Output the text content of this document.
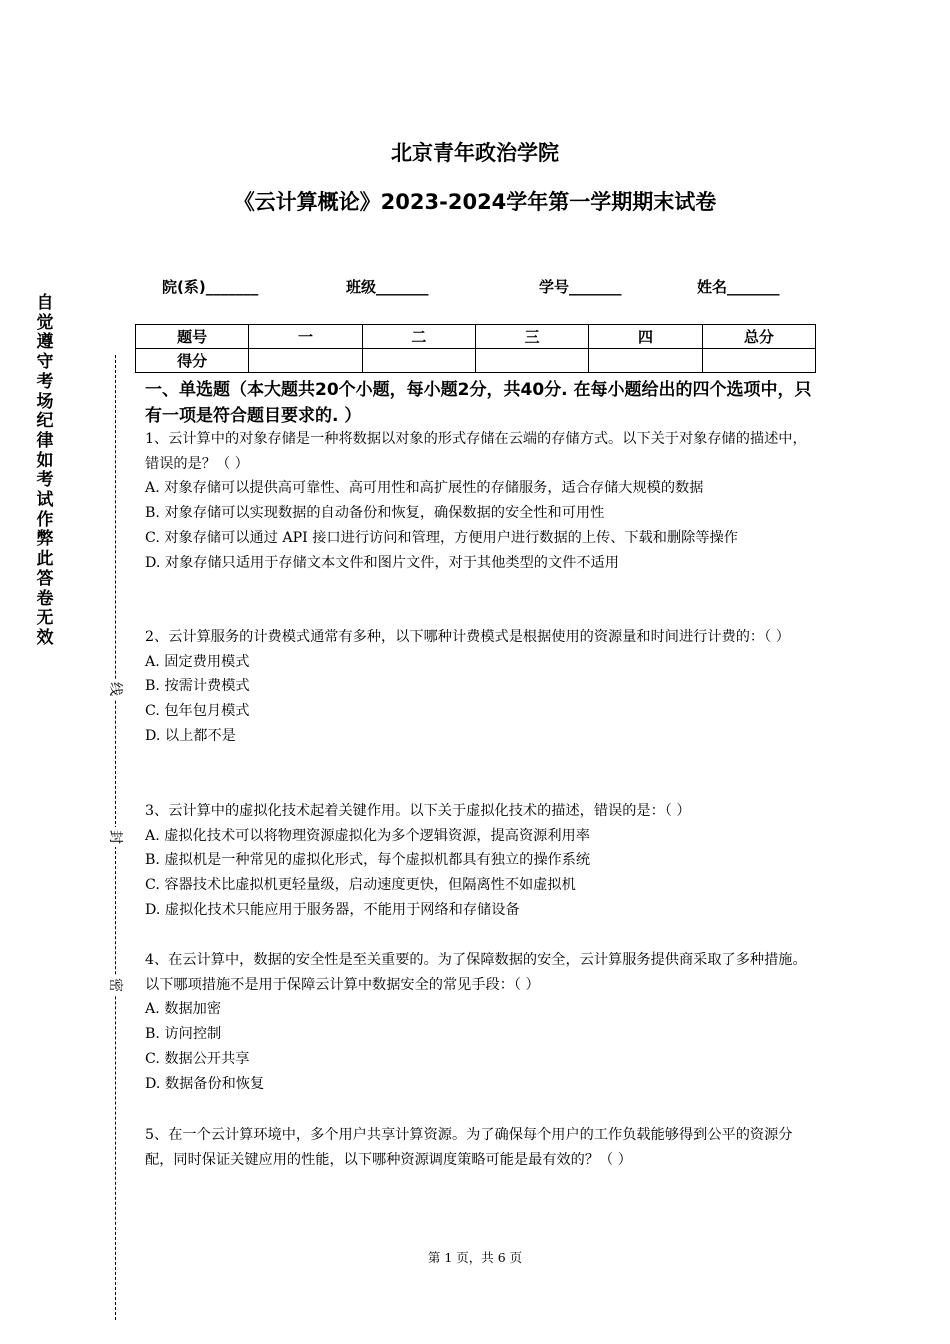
自觉遵守考场纪律如考试作弊此答卷无效
线
封
密
北京青年政治学院
《云计算概论》2023-2024学年第一学期期末试卷
院(系)_______	班级_______	学号_______	姓名_______
题号	一	二	三	四	总分
得分					
一、单选题（本大题共20个小题，每小题2分，共40分. 在每小题给出的四个选项中，只有一项是符合题目要求的. ）

1、云计算中的对象存储是一种将数据以对象的形式存储在云端的存储方式。以下关于对象存储的描述中，错误的是？（ ）

A. 对象存储可以提供高可靠性、高可用性和高扩展性的存储服务，适合存储大规模的数据

B. 对象存储可以实现数据的自动备份和恢复，确保数据的安全性和可用性

C. 对象存储可以通过 API 接口进行访问和管理，方便用户进行数据的上传、下载和删除等操作

D. 对象存储只适用于存储文本文件和图片文件，对于其他类型的文件不适用

2、云计算服务的计费模式通常有多种，以下哪种计费模式是根据使用的资源量和时间进行计费的：（ ）

A. 固定费用模式

B. 按需计费模式

C. 包年包月模式

D. 以上都不是

3、云计算中的虚拟化技术起着关键作用。以下关于虚拟化技术的描述，错误的是：（ ）

A. 虚拟化技术可以将物理资源虚拟化为多个逻辑资源，提高资源利用率

B. 虚拟机是一种常见的虚拟化形式，每个虚拟机都具有独立的操作系统

C. 容器技术比虚拟机更轻量级，启动速度更快，但隔离性不如虚拟机

D. 虚拟化技术只能应用于服务器，不能用于网络和存储设备

4、在云计算中，数据的安全性是至关重要的。为了保障数据的安全，云计算服务提供商采取了多种措施。以下哪项措施不是用于保障云计算中数据安全的常见手段：（ ）

A. 数据加密

B. 访问控制

C. 数据公开共享

D. 数据备份和恢复

5、在一个云计算环境中，多个用户共享计算资源。为了确保每个用户的工作负载能够得到公平的资源分配，同时保证关键应用的性能，以下哪种资源调度策略可能是最有效的？（ ）

第 1 页，共 6 页
